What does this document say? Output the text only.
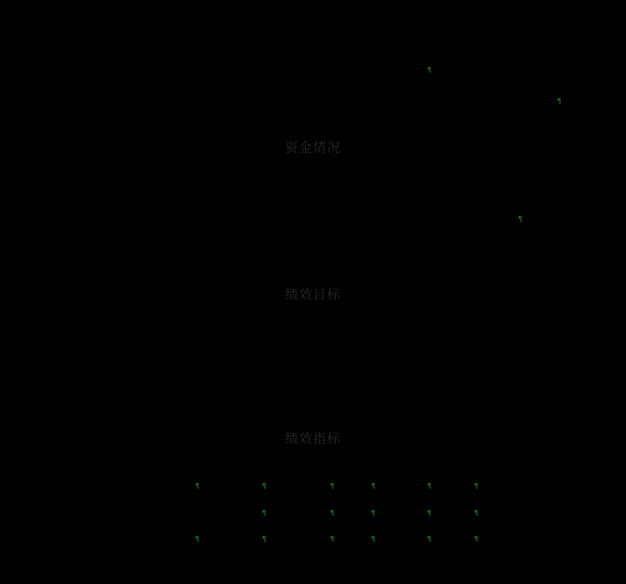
资金情况
绩效目标
绩效指标
¶
¶
¶
¶
¶
¶
¶
¶
¶
¶
¶
¶
¶
¶
¶
¶
¶
¶
¶
¶
